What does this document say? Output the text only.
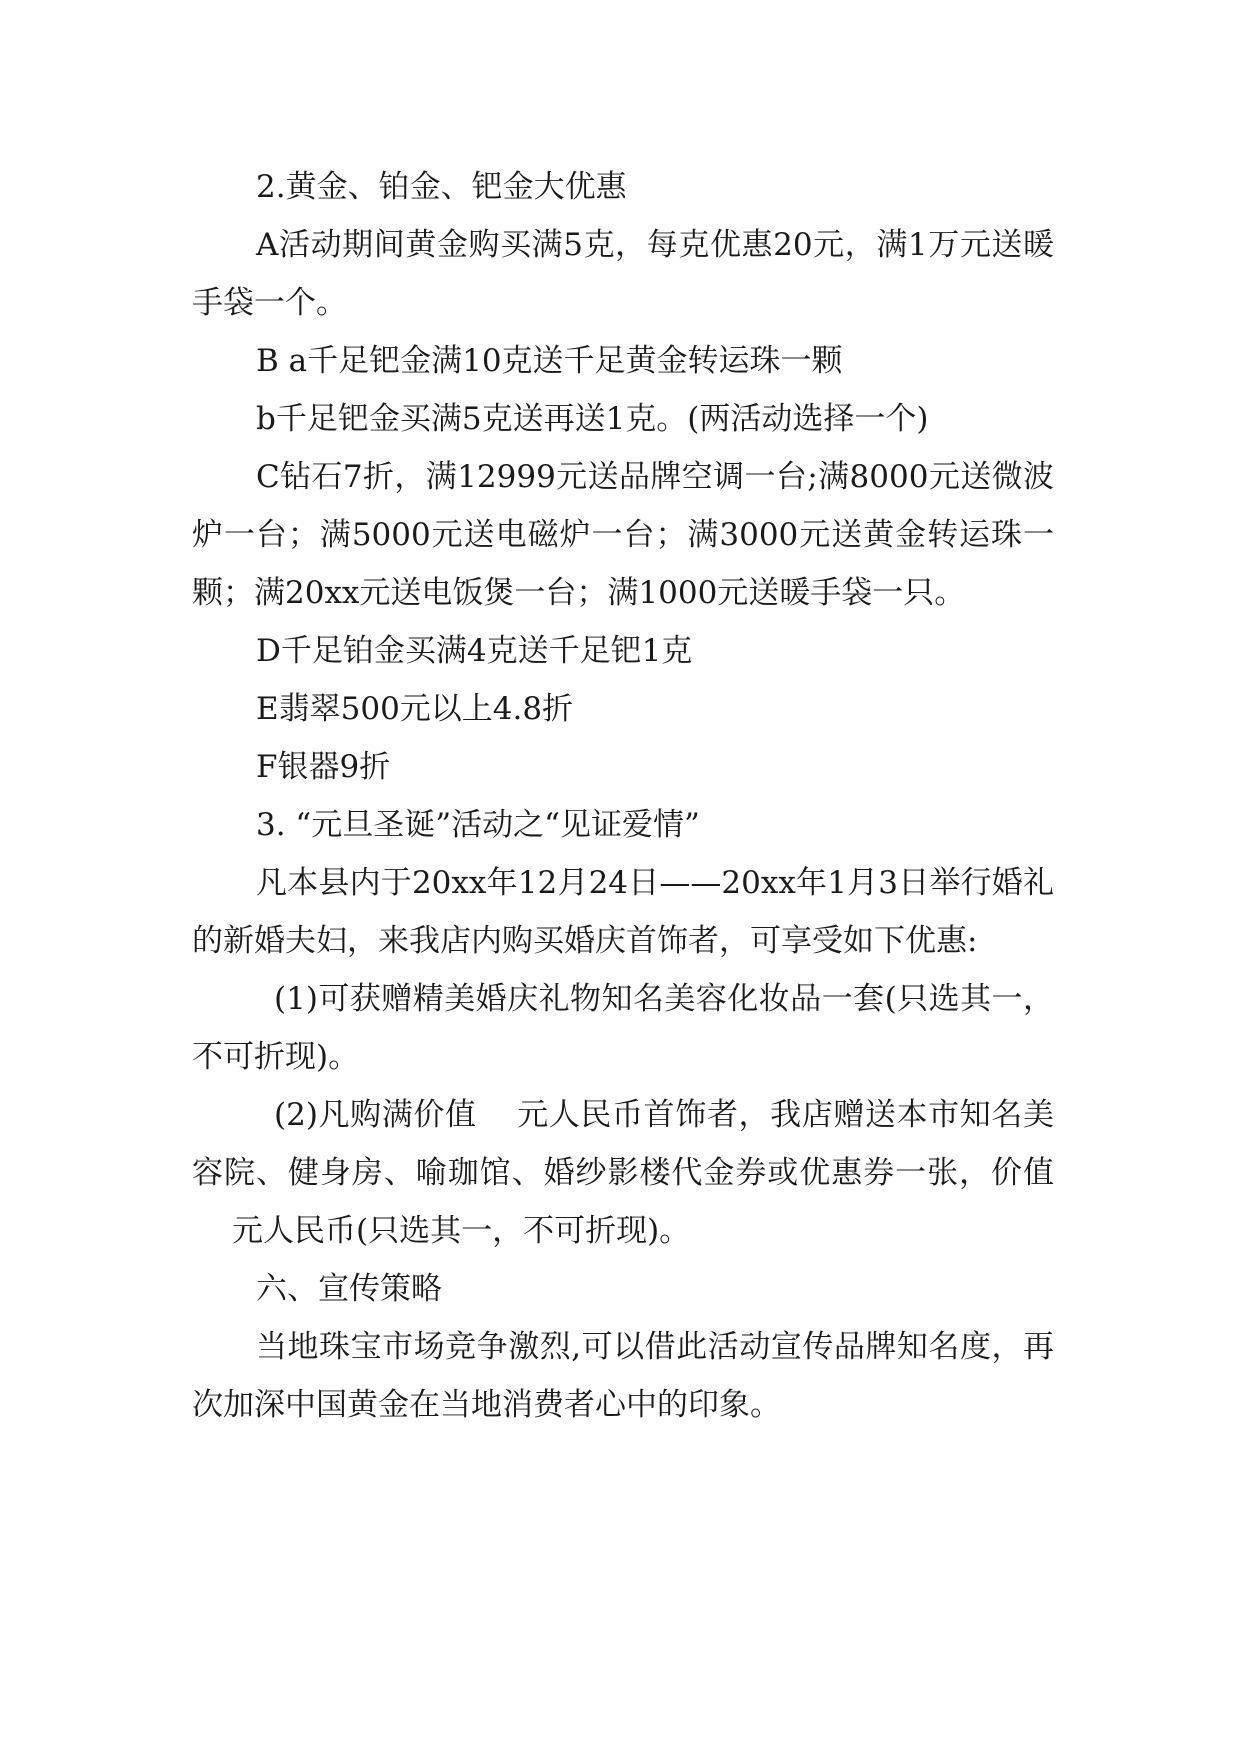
2.黄金、铂金、钯金大优惠

A活动期间黄金购买满5克，每克优惠20元，满1万元送暖手袋一个。

B a千足钯金满10克送千足黄金转运珠一颗

b千足钯金买满5克送再送1克。(两活动选择一个)

C钻石7折，满12999元送品牌空调一台;满8000元送微波炉一台；满5000元送电磁炉一台；满3000元送黄金转运珠一颗；满20xx元送电饭煲一台；满1000元送暖手袋一只。

D千足铂金买满4克送千足钯1克

E翡翠500元以上4.8折

F银器9折

3. “元旦圣诞”活动之“见证爱情”

凡本县内于20xx年12月24日——20xx年1月3日举行婚礼的新婚夫妇，来我店内购买婚庆首饰者，可享受如下优惠:

(1)可获赠精美婚庆礼物知名美容化妆品一套(只选其一，不可折现)。

(2)凡购满价值 元人民币首饰者，我店赠送本市知名美容院、健身房、喻珈馆、婚纱影楼代金券或优惠券一张，价值元人民币(只选其一，不可折现)。

六、宣传策略

当地珠宝市场竞争激烈,可以借此活动宣传品牌知名度，再次加深中国黄金在当地消费者心中的印象。
